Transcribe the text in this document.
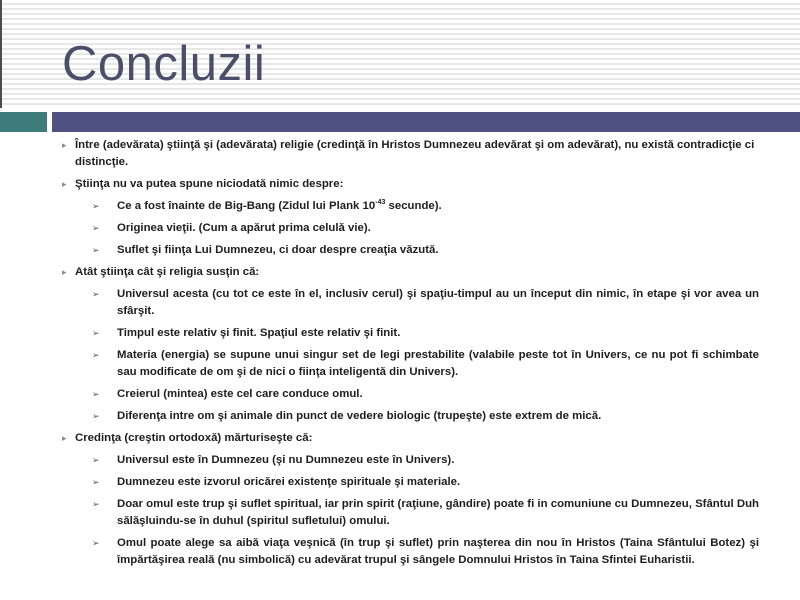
Concluzii
▸ Între (adevărata) ştiinţă şi (adevărata) religie (credinţă în Hristos Dumnezeu adevărat şi om adevărat), nu există contradicţie ci distincţie.
▸ Ştiinţa nu va putea spune niciodată nimic despre:
➢ Ce a fost înainte de Big-Bang (Zidul lui Plank $10^{-43}$ secunde).
➢ Originea vieţii. (Cum a apărut prima celulă vie).
➢ Suflet şi fiinţa Lui Dumnezeu, ci doar despre creaţia văzută.
▸ Atât ştiinţa cât şi religia susţin că:
➢ Universul acesta (cu tot ce este în el, inclusiv cerul) şi spaţiu-timpul au un început din nimic, în etape şi vor avea un sfârşit.
➢ Timpul este relativ şi finit. Spaţiul este relativ şi finit.
➢ Materia (energia) se supune unui singur set de legi prestabilite (valabile peste tot în Univers, ce nu pot fi schimbate sau modificate de om şi de nici o fiinţa inteligentă din Univers).
➢ Creierul (mintea) este cel care conduce omul.
➢ Diferenţa intre om şi animale din punct de vedere biologic (trupeşte) este extrem de mică.
▸ Credinţa (creştin ortodoxă) mărturiseşte că:
➢ Universul este în Dumnezeu (şi nu Dumnezeu este în Univers).
➢ Dumnezeu este izvorul oricărei existenţe spirituale şi materiale.
➢ Doar omul este trup şi suflet spiritual, iar prin spirit (raţiune, gândire) poate fi in comuniune cu Dumnezeu, Sfântul Duh sălăşluindu-se în duhul (spiritul sufletului) omului.
➢ Omul poate alege sa aibă viaţa veşnică (în trup şi suflet) prin naşterea din nou în Hristos (Taina Sfântului Botez) şi împărtăşirea reală (nu simbolică) cu adevărat trupul şi sângele Domnului Hristos în Taina Sfintei Euharistii.
